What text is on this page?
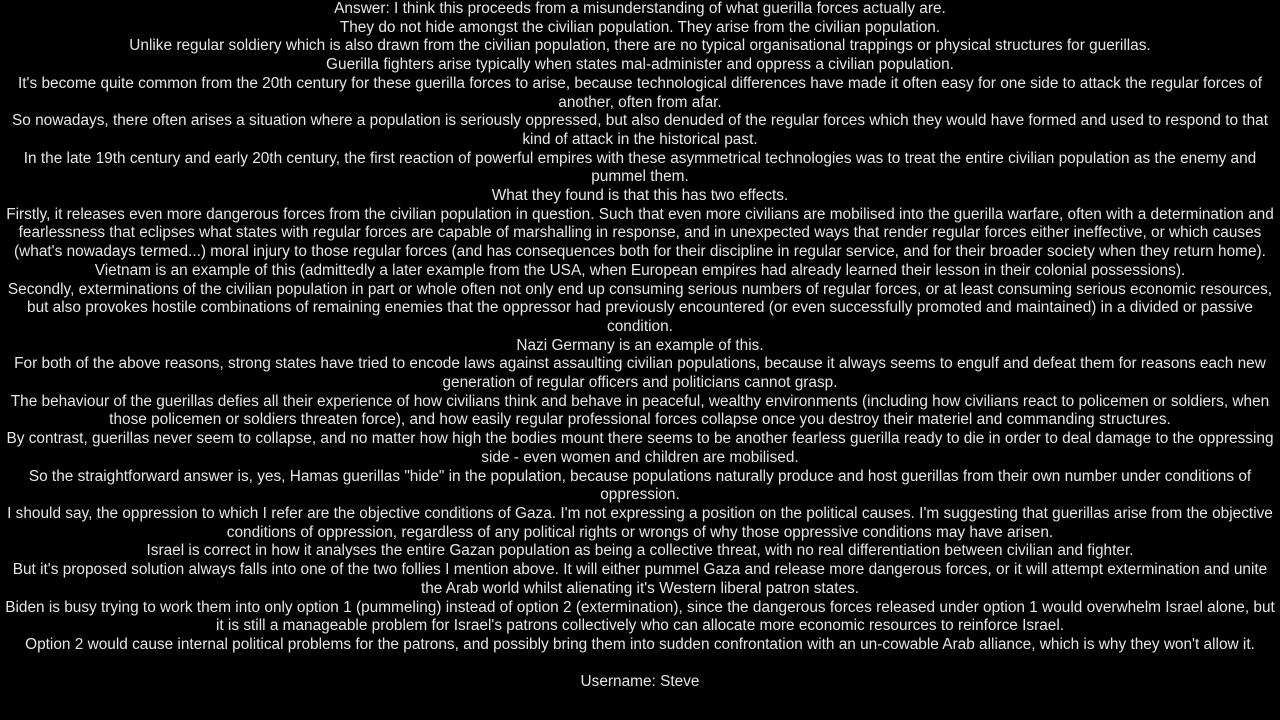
Answer: I think this proceeds from a misunderstanding of what guerilla forces actually are.

They do not hide amongst the civilian population. They arise from the civilian population.

Unlike regular soldiery which is also drawn from the civilian population, there are no typical organisational trappings or physical structures for guerillas.

Guerilla fighters arise typically when states mal-administer and oppress a civilian population.

It's become quite common from the 20th century for these guerilla forces to arise, because technological differences have made it often easy for one side to attack the regular forces of another, often from afar.

So nowadays, there often arises a situation where a population is seriously oppressed, but also denuded of the regular forces which they would have formed and used to respond to that kind of attack in the historical past.

In the late 19th century and early 20th century, the first reaction of powerful empires with these asymmetrical technologies was to treat the entire civilian population as the enemy and pummel them.

What they found is that this has two effects.

Firstly, it releases even more dangerous forces from the civilian population in question. Such that even more civilians are mobilised into the guerilla warfare, often with a determination and fearlessness that eclipses what states with regular forces are capable of marshalling in response, and in unexpected ways that render regular forces either ineffective, or which causes (what's nowadays termed...) moral injury to those regular forces (and has consequences both for their discipline in regular service, and for their broader society when they return home).

Vietnam is an example of this (admittedly a later example from the USA, when European empires had already learned their lesson in their colonial possessions).

Secondly, exterminations of the civilian population in part or whole often not only end up consuming serious numbers of regular forces, or at least consuming serious economic resources, but also provokes hostile combinations of remaining enemies that the oppressor had previously encountered (or even successfully promoted and maintained) in a divided or passive condition.

Nazi Germany is an example of this.

For both of the above reasons, strong states have tried to encode laws against assaulting civilian populations, because it always seems to engulf and defeat them for reasons each new generation of regular officers and politicians cannot grasp.

The behaviour of the guerillas defies all their experience of how civilians think and behave in peaceful, wealthy environments (including how civilians react to policemen or soldiers, when those policemen or soldiers threaten force), and how easily regular professional forces collapse once you destroy their materiel and commanding structures.

By contrast, guerillas never seem to collapse, and no matter how high the bodies mount there seems to be another fearless guerilla ready to die in order to deal damage to the oppressing side - even women and children are mobilised.

So the straightforward answer is, yes, Hamas guerillas "hide" in the population, because populations naturally produce and host guerillas from their own number under conditions of oppression.

I should say, the oppression to which I refer are the objective conditions of Gaza. I'm not expressing a position on the political causes. I'm suggesting that guerillas arise from the objective conditions of oppression, regardless of any political rights or wrongs of why those oppressive conditions may have arisen.

Israel is correct in how it analyses the entire Gazan population as being a collective threat, with no real differentiation between civilian and fighter.

But it's proposed solution always falls into one of the two follies I mention above. It will either pummel Gaza and release more dangerous forces, or it will attempt extermination and unite the Arab world whilst alienating it's Western liberal patron states.

Biden is busy trying to work them into only option 1 (pummeling) instead of option 2 (extermination), since the dangerous forces released under option 1 would overwhelm Israel alone, but it is still a manageable problem for Israel's patrons collectively who can allocate more economic resources to reinforce Israel.

Option 2 would cause internal political problems for the patrons, and possibly bring them into sudden confrontation with an un-cowable Arab alliance, which is why they won't allow it.

Username: Steve
